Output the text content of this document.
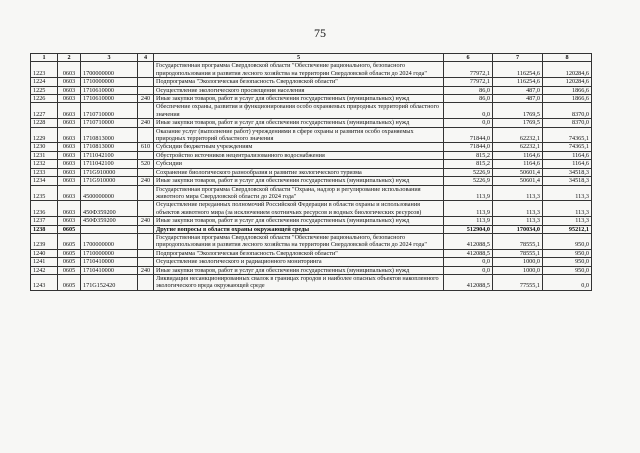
75
1	2	3	4	5	6	7	8
1223	0603	1700000000		Государственная программа Свердловской области "Обеспечение рационального, безопасного природопользования и развития лесного хозяйства на территории Свердловской области до 2024 года"	77972,1	116254,6	120284,6
1224	0603	1710000000		Подпрограмма "Экологическая безопасность Свердловской области"	77972,1	116254,6	120284,6
1225	0603	1710610000		Осуществление экологического просвещения населения	86,0	487,0	1866,6
1226	0603	1710610000	240	Иные закупки товаров, работ и услуг для обеспечения государственных (муниципальных) нужд	86,0	487,0	1866,6
1227	0603	1710710000		Обеспечение охраны, развития и функционирования особо охраняемых природных территорий областного значения	0,0	1769,5	8370,0
1228	0603	1710710000	240	Иные закупки товаров, работ и услуг для обеспечения государственных (муниципальных) нужд	0,0	1769,5	8370,0
1229	0603	1710813000		Оказание услуг (выполнение работ) учреждениями в сфере охраны и развития особо охраняемых природных территорий областного значения	71844,0	62232,1	74365,1
1230	0603	1710813000	610	Субсидии бюджетным учреждениям	71844,0	62232,1	74365,1
1231	0603	1711042100		Обустройство источников нецентрализованного водоснабжения	815,2	1164,6	1164,6
1232	0603	1711042100	520	Субсидии	815,2	1164,6	1164,6
1233	0603	171G910000		Сохранение биологического разнообразия и развитие экологического туризма	5226,9	50601,4	34518,3
1234	0603	171G910000	240	Иные закупки товаров, работ и услуг для обеспечения государственных (муниципальных) нужд	5226,9	50601,4	34518,3
1235	0603	4500000000		Государственная программа Свердловской области "Охрана, надзор и регулирование использования животного мира Свердловской области до 2024 года"	113,9	113,3	113,3
1236	0603	450Ф359200		Осуществление переданных полномочий Российской Федерации в области охраны и использования объектов животного мира (за исключением охотничьих ресурсов и водных биологических ресурсов)	113,9	113,3	113,3
1237	0603	450Ф359200	240	Иные закупки товаров, работ и услуг для обеспечения государственных (муниципальных) нужд	113,9	113,3	113,3
1238	0605			Другие вопросы в области охраны окружающей среды	512904,0	170034,0	95212,1
1239	0605	1700000000		Государственная программа Свердловской области "Обеспечение рационального, безопасного природопользования и развития лесного хозяйства на территории Свердловской области до 2024 года"	412088,5	78555,1	950,0
1240	0605	1710000000		Подпрограмма "Экологическая безопасность Свердловской области"	412088,5	78555,1	950,0
1241	0605	1710410000		Осуществление экологического и радиационного мониторинга	0,0	1000,0	950,0
1242	0605	1710410000	240	Иные закупки товаров, работ и услуг для обеспечения государственных (муниципальных) нужд	0,0	1000,0	950,0
1243	0605	171G152420		Ликвидация несанкционированных свалок в границах городов и наиболее опасных объектов накопленного экологического вреда окружающей среде	412088,5	77555,1	0,0
